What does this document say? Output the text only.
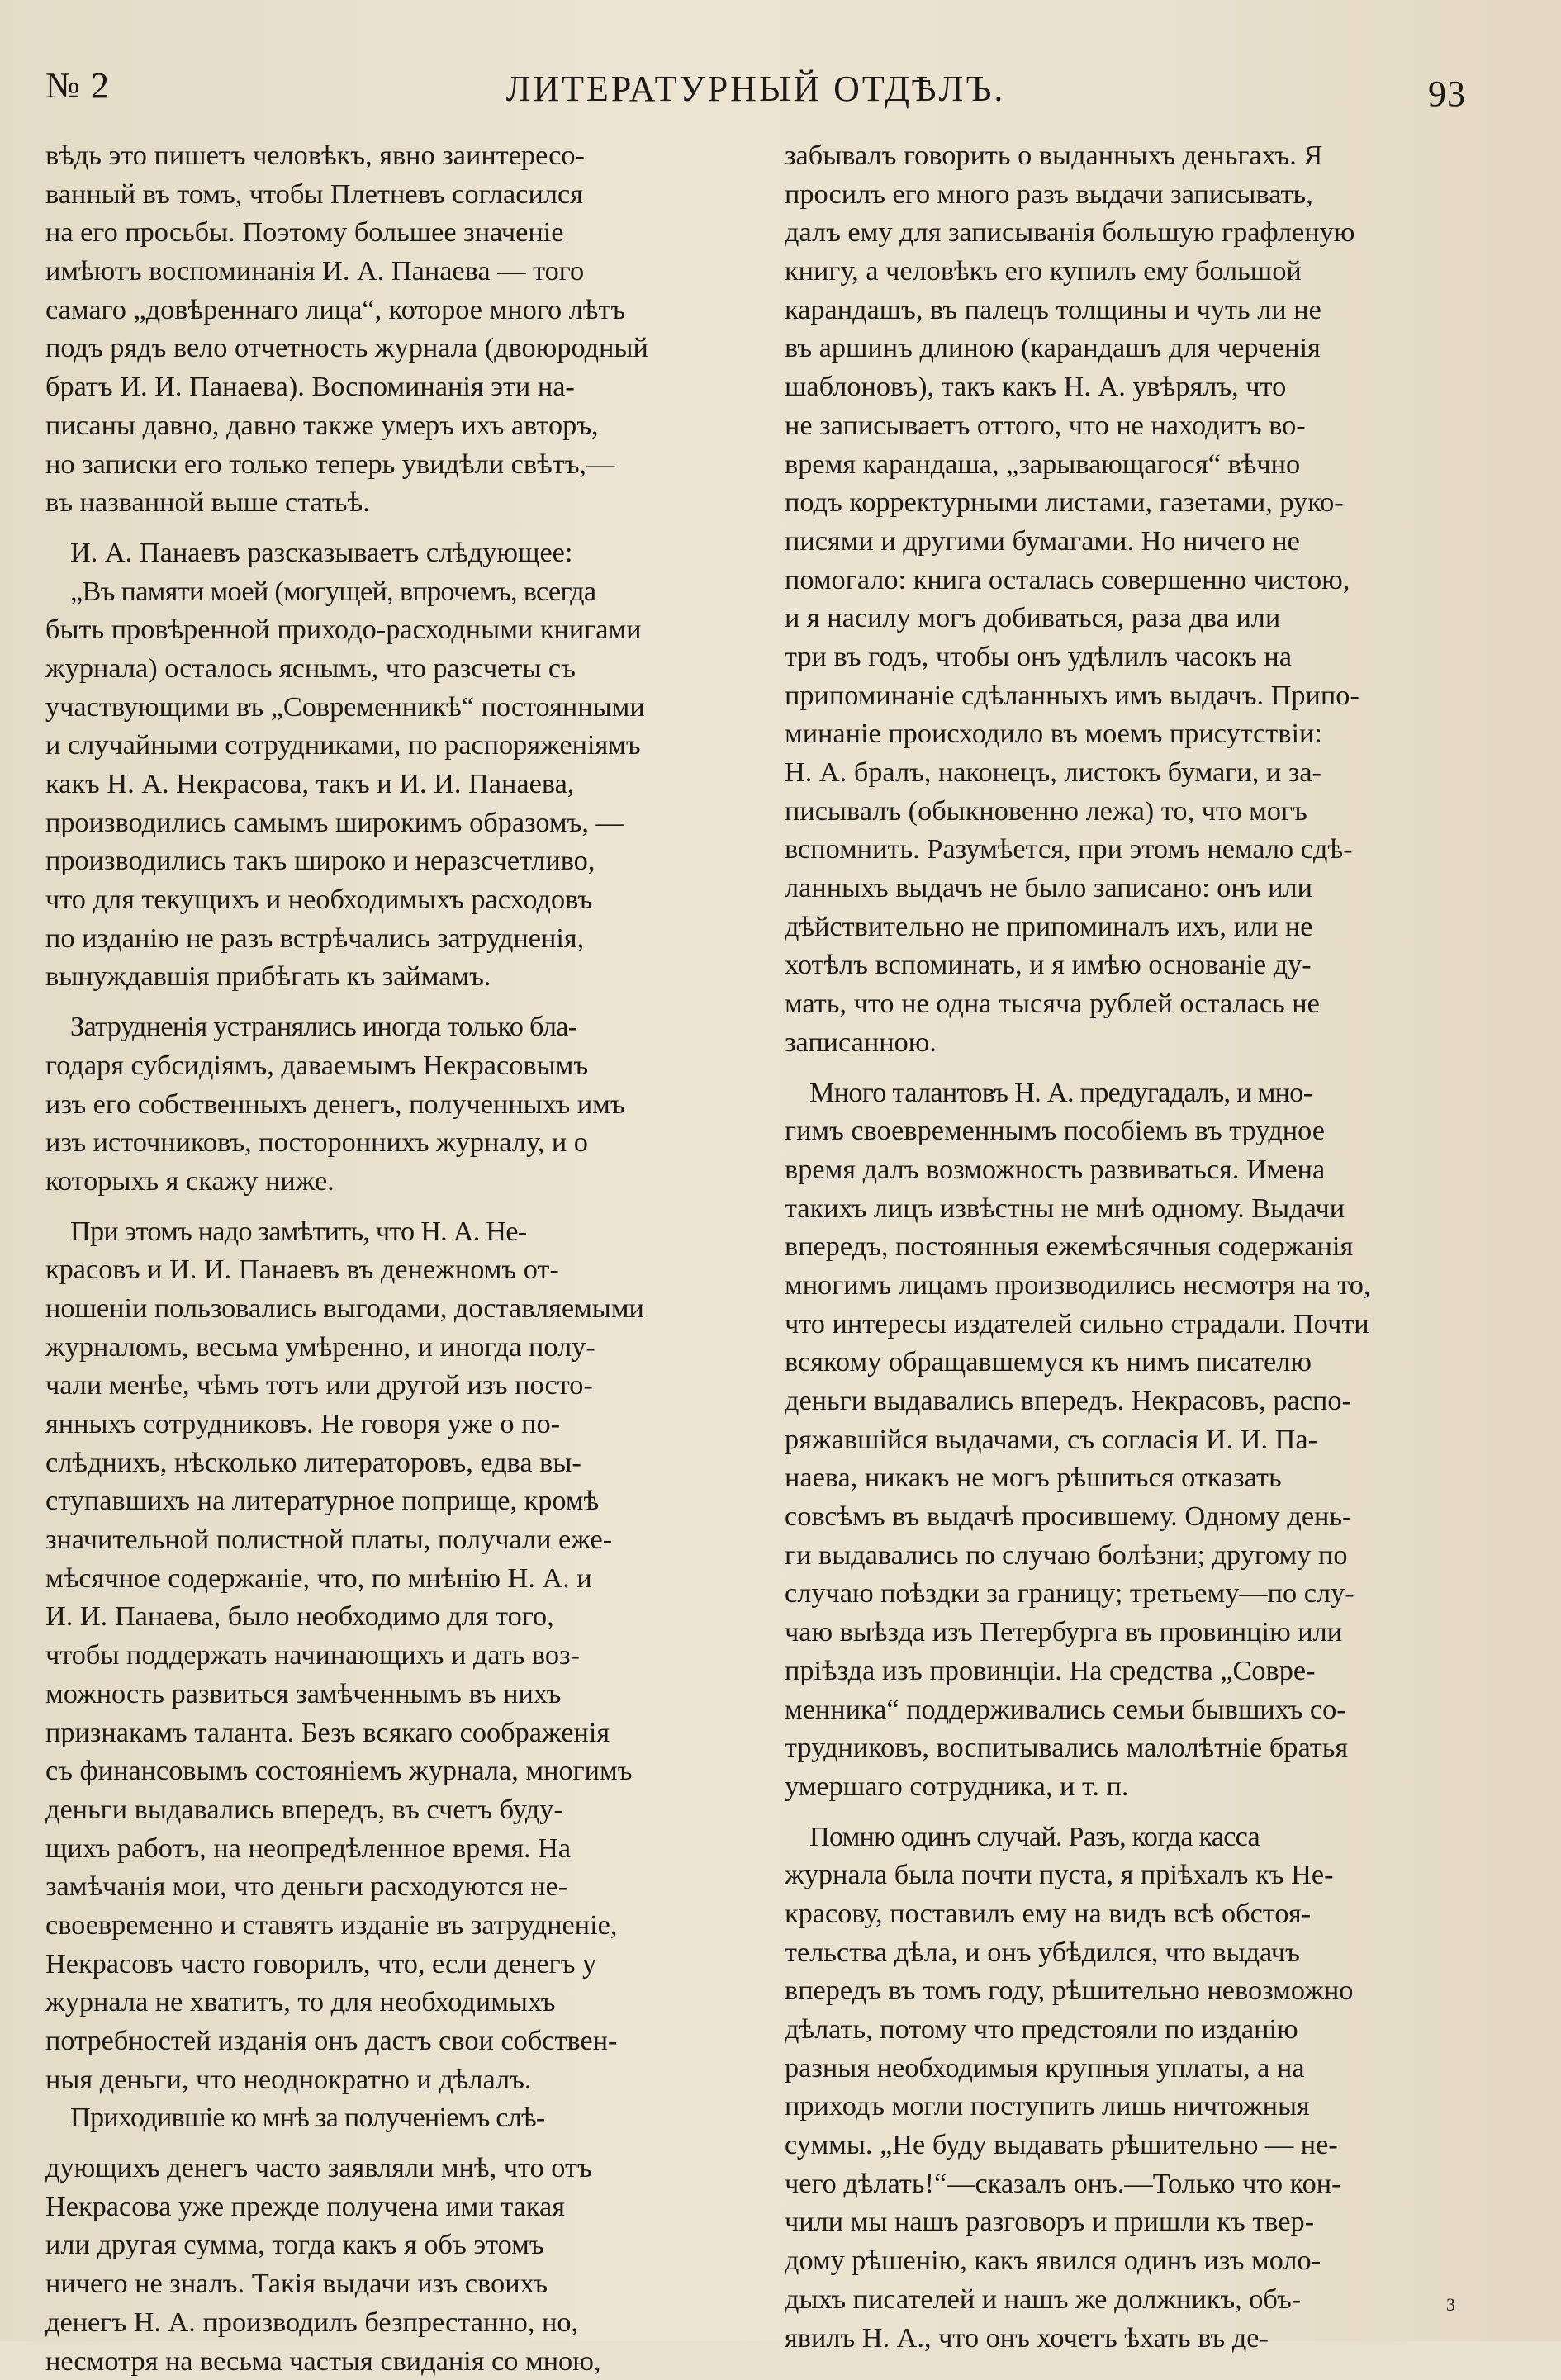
№ 2	ЛИТЕРАТУРНЫЙ ОТДѢЛЪ.	93
вѣдь это пишетъ человѣкъ, явно заинтересо-
ванный въ томъ, чтобы Плетневъ согласился
на его просьбы. Поэтому большее значеніе
имѣютъ воспоминанія И. А. Панаева — того
самаго „довѣреннаго лица“, которое много лѣтъ
подъ рядъ вело отчетность журнала (двоюродный
братъ И. И. Панаева). Воспоминанія эти на-
писаны давно, давно также умеръ ихъ авторъ,
но записки его только теперь увидѣли свѣтъ,—
въ названной выше статьѣ.
И. А. Панаевъ разсказываетъ слѣдующее:
„Въ памяти моей (могущей, впрочемъ, всегда
быть провѣренной приходо-расходными книгами
журнала) осталось яснымъ, что разсчеты съ
участвующими въ „Современникѣ“ постоянными
и случайными сотрудниками, по распоряженіямъ
какъ Н. А. Некрасова, такъ и И. И. Панаева,
производились самымъ широкимъ образомъ, —
производились такъ широко и неразсчетливо,
что для текущихъ и необходимыхъ расходовъ
по изданію не разъ встрѣчались затрудненія,
вынуждавшія прибѣгать къ займамъ.
Затрудненія устранялись иногда только бла-
годаря субсидіямъ, даваемымъ Некрасовымъ
изъ его собственныхъ денегъ, полученныхъ имъ
изъ источниковъ, постороннихъ журналу, и о
которыхъ я скажу ниже.
При этомъ надо замѣтить, что Н. А. Не-
красовъ и И. И. Панаевъ въ денежномъ от-
ношеніи пользовались выгодами, доставляемыми
журналомъ, весьма умѣренно, и иногда полу-
чали менѣе, чѣмъ тотъ или другой изъ посто-
янныхъ сотрудниковъ. Не говоря уже о по-
слѣднихъ, нѣсколько литераторовъ, едва вы-
ступавшихъ на литературное поприще, кромѣ
значительной полистной платы, получали еже-
мѣсячное содержаніе, что, по мнѣнію Н. А. и
И. И. Панаева, было необходимо для того,
чтобы поддержать начинающихъ и дать воз-
можность развиться замѣченнымъ въ нихъ
признакамъ таланта. Безъ всякаго соображенія
съ финансовымъ состояніемъ журнала, многимъ
деньги выдавались впередъ, въ счетъ буду-
щихъ работъ, на неопредѣленное время. На
замѣчанія мои, что деньги расходуются не-
своевременно и ставятъ изданіе въ затрудненіе,
Некрасовъ часто говорилъ, что, если денегъ у
журнала не хватитъ, то для необходимыхъ
потребностей изданія онъ дастъ свои собствен-
ныя деньги, что неоднократно и дѣлалъ.
Приходившіе ко мнѣ за полученіемъ слѣ-
дующихъ денегъ часто заявляли мнѣ, что отъ
Некрасова уже прежде получена ими такая
или другая сумма, тогда какъ я объ этомъ
ничего не зналъ. Такія выдачи изъ своихъ
денегъ Н. А. производилъ безпрестанно, но,
несмотря на весьма частыя свиданія со мною,
забывалъ говорить о выданныхъ деньгахъ. Я
просилъ его много разъ выдачи записывать,
далъ ему для записыванія большую графленую
книгу, а человѣкъ его купилъ ему большой
карандашъ, въ палецъ толщины и чуть ли не
въ аршинъ длиною (карандашъ для черченія
шаблоновъ), такъ какъ Н. А. увѣрялъ, что
не записываетъ оттого, что не находитъ во-
время карандаша, „зарывающагося“ вѣчно
подъ корректурными листами, газетами, руко-
писями и другими бумагами. Но ничего не
помогало: книга осталась совершенно чистою,
и я насилу могъ добиваться, раза два или
три въ годъ, чтобы онъ удѣлилъ часокъ на
припоминаніе сдѣланныхъ имъ выдачъ. Припо-
минаніе происходило въ моемъ присутствіи:
Н. А. бралъ, наконецъ, листокъ бумаги, и за-
писывалъ (обыкновенно лежа) то, что могъ
вспомнить. Разумѣется, при этомъ немало сдѣ-
ланныхъ выдачъ не было записано: онъ или
дѣйствительно не припоминалъ ихъ, или не
хотѣлъ вспоминать, и я имѣю основаніе ду-
мать, что не одна тысяча рублей осталась не
записанною.
Много талантовъ Н. А. предугадалъ, и мно-
гимъ своевременнымъ пособіемъ въ трудное
время далъ возможность развиваться. Имена
такихъ лицъ извѣстны не мнѣ одному. Выдачи
впередъ, постоянныя ежемѣсячныя содержанія
многимъ лицамъ производились несмотря на то,
что интересы издателей сильно страдали. Почти
всякому обращавшемуся къ нимъ писателю
деньги выдавались впередъ. Некрасовъ, распо-
ряжавшійся выдачами, съ согласія И. И. Па-
наева, никакъ не могъ рѣшиться отказать
совсѣмъ въ выдачѣ просившему. Одному день-
ги выдавались по случаю болѣзни; другому по
случаю поѣздки за границу; третьему—по слу-
чаю выѣзда изъ Петербурга въ провинцію или
пріѣзда изъ провинціи. На средства „Совре-
менника“ поддерживались семьи бывшихъ со-
трудниковъ, воспитывались малолѣтніе братья
умершаго сотрудника, и т. п.
Помню одинъ случай. Разъ, когда касса
журнала была почти пуста, я пріѣхалъ къ Не-
красову, поставилъ ему на видъ всѣ обстоя-
тельства дѣла, и онъ убѣдился, что выдачъ
впередъ въ томъ году, рѣшительно невозможно
дѣлать, потому что предстояли по изданію
разныя необходимыя крупныя уплаты, а на
приходъ могли поступить лишь ничтожныя
суммы. „Не буду выдавать рѣшительно — не-
чего дѣлать!“—сказалъ онъ.—Только что кон-
чили мы нашъ разговоръ и пришли къ твер-
дому рѣшенію, какъ явился одинъ изъ моло-
дыхъ писателей и нашъ же должникъ, объ-
явилъ Н. А., что онъ хочетъ ѣхать въ де-
3
